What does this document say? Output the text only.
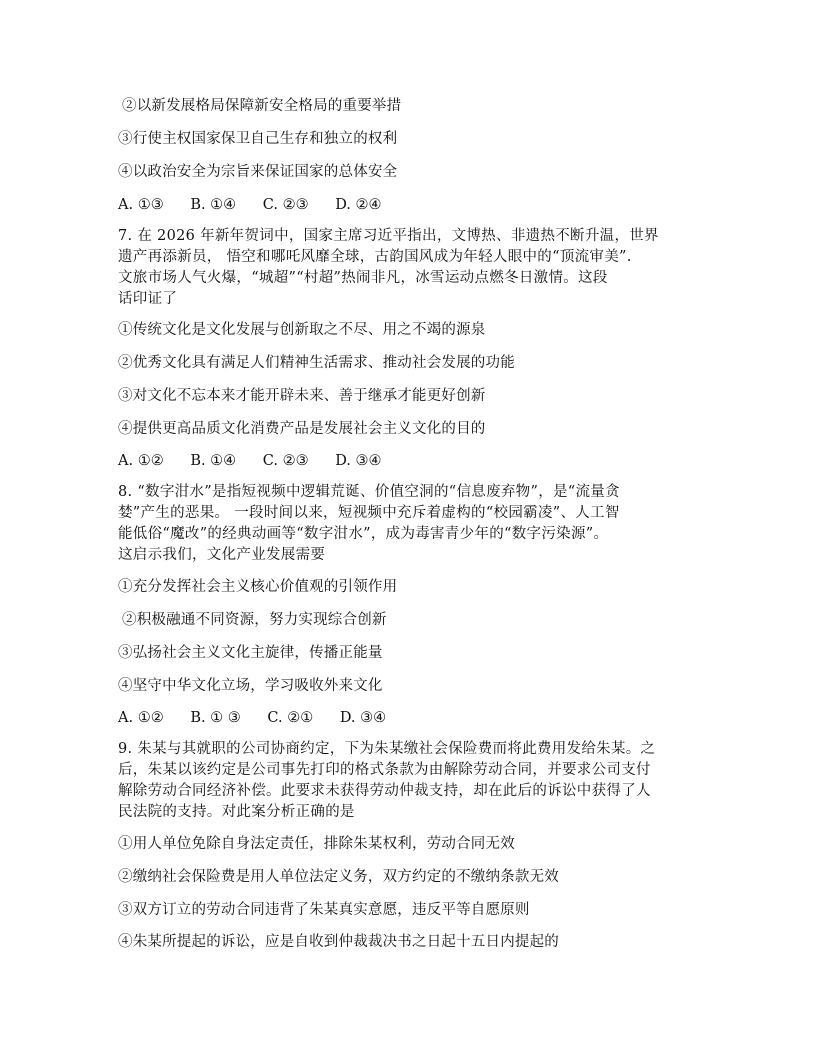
②以新发展格局保障新安全格局的重要举措
③行使主权国家保卫自己生存和独立的权利
④以政治安全为宗旨来保证国家的总体安全
A. ①③ B. ①④ C. ②③ D. ②④
7. 在 2026 年新年贺词中，国家主席习近平指出，文博热、非遗热不断升温，世界
遗产再添新员， 悟空和哪吒风靡全球，古韵国风成为年轻人眼中的“顶流审美”.
文旅市场人气火爆，“城超”“村超”热闹非凡，冰雪运动点燃冬日激情。这段
话印证了
①传统文化是文化发展与创新取之不尽、用之不竭的源泉
②优秀文化具有满足人们精神生活需求、推动社会发展的功能
③对文化不忘本来才能开辟未来、善于继承才能更好创新
④提供更高品质文化消费产品是发展社会主义文化的目的
A. ①② B. ①④ C. ②③ D. ③④
8. “数字泔水”是指短视频中逻辑荒诞、价值空洞的“信息废弃物”，是“流量贪
婪”产生的恶果。 一段时间以来，短视频中充斥着虚构的“校园霸凌”、人工智
能低俗“魔改”的经典动画等“数字泔水”，成为毒害青少年的“数字污染源”。
这启示我们，文化产业发展需要
①充分发挥社会主义核心价值观的引领作用
②积极融通不同资源，努力实现综合创新
③弘扬社会主义文化主旋律，传播正能量
④坚守中华文化立场，学习吸收外来文化
A. ①② B. ① ③ C. ②① D. ③④
9. 朱某与其就职的公司协商约定，下为朱某缴社会保险费而将此费用发给朱某。之
后，朱某以该约定是公司事先打印的格式条款为由解除劳动合同，并要求公司支付
解除劳动合同经济补偿。此要求未获得劳动仲裁支持，却在此后的诉讼中获得了人
民法院的支持。对此案分析正确的是
①用人单位免除自身法定责任，排除朱某权利，劳动合同无效
②缴纳社会保险费是用人单位法定义务，双方约定的不缴纳条款无效
③双方订立的劳动合同违背了朱某真实意愿，违反平等自愿原则
④朱某所提起的诉讼，应是自收到仲裁裁决书之日起十五日内提起的
